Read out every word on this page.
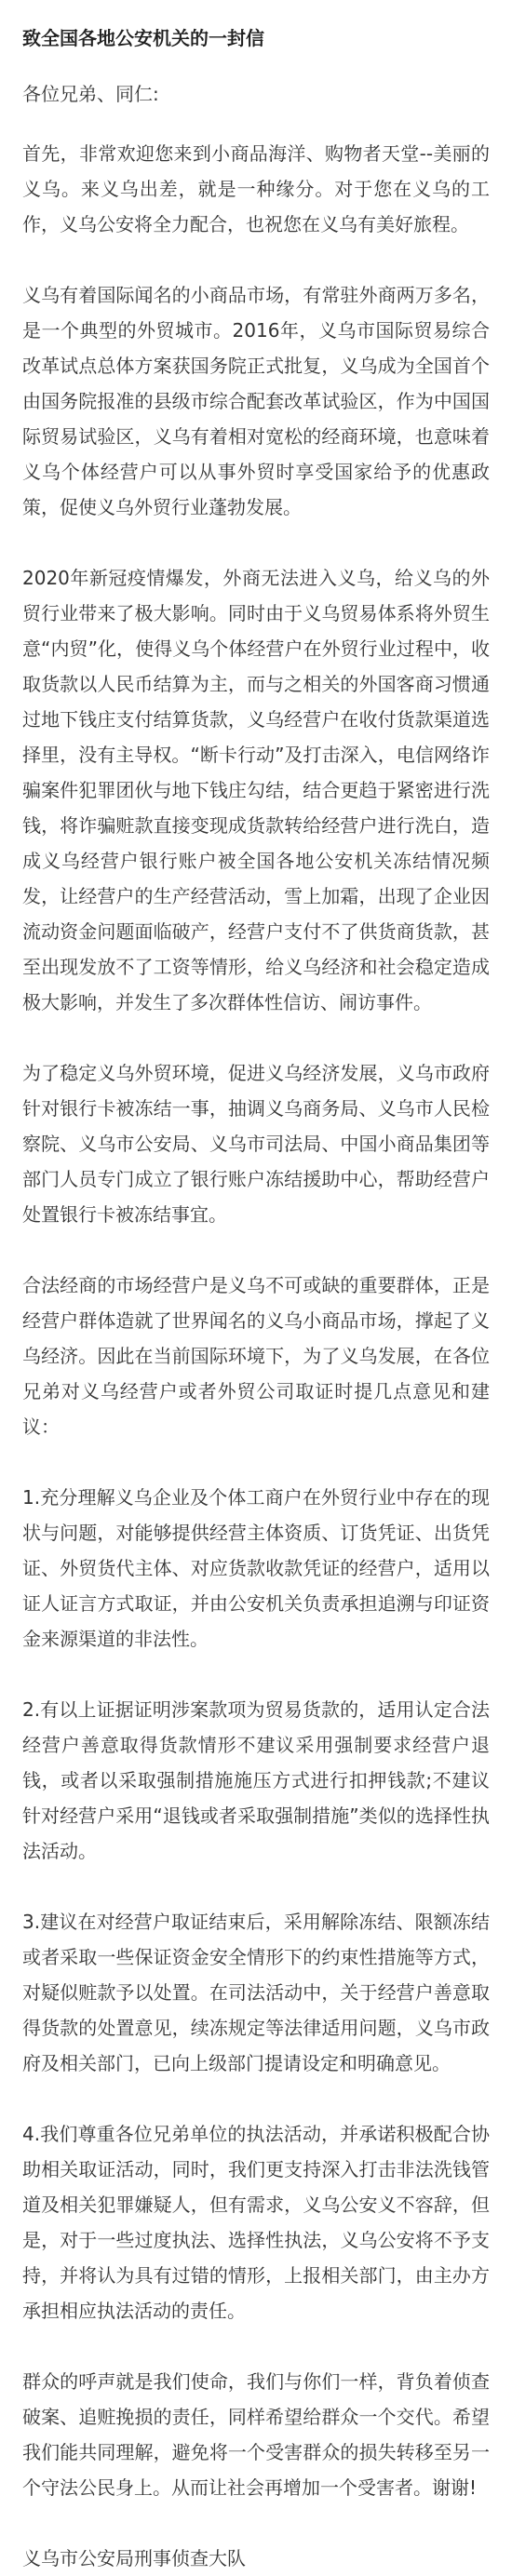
致全国各地公安机关的一封信
各位兄弟、同仁:
首先，非常欢迎您来到小商品海洋、购物者天堂--美丽的义乌。来义乌出差，就是一种缘分。对于您在义乌的工作，义乌公安将全力配合，也祝您在义乌有美好旅程。
义乌有着国际闻名的小商品市场，有常驻外商两万多名，是一个典型的外贸城市。2016年，义乌市国际贸易综合改革试点总体方案获国务院正式批复，义乌成为全国首个由国务院报准的县级市综合配套改革试验区，作为中国国际贸易试验区，义乌有着相对宽松的经商环境，也意味着义乌个体经营户可以从事外贸时享受国家给予的优惠政策，促使义乌外贸行业蓬勃发展。
2020年新冠疫情爆发，外商无法进入义乌，给义乌的外贸行业带来了极大影响。同时由于义乌贸易体系将外贸生意“内贸”化，使得义乌个体经营户在外贸行业过程中，收取货款以人民币结算为主，而与之相关的外国客商习惯通过地下钱庄支付结算货款，义乌经营户在收付货款渠道选择里，没有主导权。“断卡行动”及打击深入，电信网络诈骗案件犯罪团伙与地下钱庄勾结，结合更趋于紧密进行洗钱，将诈骗赃款直接变现成货款转给经营户进行洗白，造成义乌经营户银行账户被全国各地公安机关冻结情况频发，让经营户的生产经营活动，雪上加霜，出现了企业因流动资金问题面临破产，经营户支付不了供货商货款，甚至出现发放不了工资等情形，给义乌经济和社会稳定造成极大影响，并发生了多次群体性信访、闹访事件。
为了稳定义乌外贸环境，促进义乌经济发展，义乌市政府针对银行卡被冻结一事，抽调义乌商务局、义乌市人民检察院、义乌市公安局、义乌市司法局、中国小商品集团等部门人员专门成立了银行账户冻结援助中心，帮助经营户处置银行卡被冻结事宜。
合法经商的市场经营户是义乌不可或缺的重要群体，正是经营户群体造就了世界闻名的义乌小商品市场，撑起了义乌经济。因此在当前国际环境下，为了义乌发展，在各位兄弟对义乌经营户或者外贸公司取证时提几点意见和建议：
1.充分理解义乌企业及个体工商户在外贸行业中存在的现状与问题，对能够提供经营主体资质、订货凭证、出货凭证、外贸货代主体、对应货款收款凭证的经营户，适用以证人证言方式取证，并由公安机关负责承担追溯与印证资金来源渠道的非法性。
2.有以上证据证明涉案款项为贸易货款的，适用认定合法经营户善意取得货款情形不建议采用强制要求经营户退钱，或者以采取强制措施施压方式进行扣押钱款;不建议针对经营户采用“退钱或者采取强制措施”类似的选择性执法活动。
3.建议在对经营户取证结束后，采用解除冻结、限额冻结或者采取一些保证资金安全情形下的约束性措施等方式，对疑似赃款予以处置。在司法活动中，关于经营户善意取得货款的处置意见，续冻规定等法律适用问题，义乌市政府及相关部门，已向上级部门提请设定和明确意见。
4.我们尊重各位兄弟单位的执法活动，并承诺积极配合协助相关取证活动，同时，我们更支持深入打击非法洗钱管道及相关犯罪嫌疑人，但有需求，义乌公安义不容辞，但是，对于一些过度执法、选择性执法，义乌公安将不予支持，并将认为具有过错的情形，上报相关部门，由主办方承担相应执法活动的责任。
群众的呼声就是我们使命，我们与你们一样，背负着侦查破案、追赃挽损的责任，同样希望给群众一个交代。希望我们能共同理解，避免将一个受害群众的损失转移至另一个守法公民身上。从而让社会再增加一个受害者。谢谢!
义乌市公安局刑事侦查大队
